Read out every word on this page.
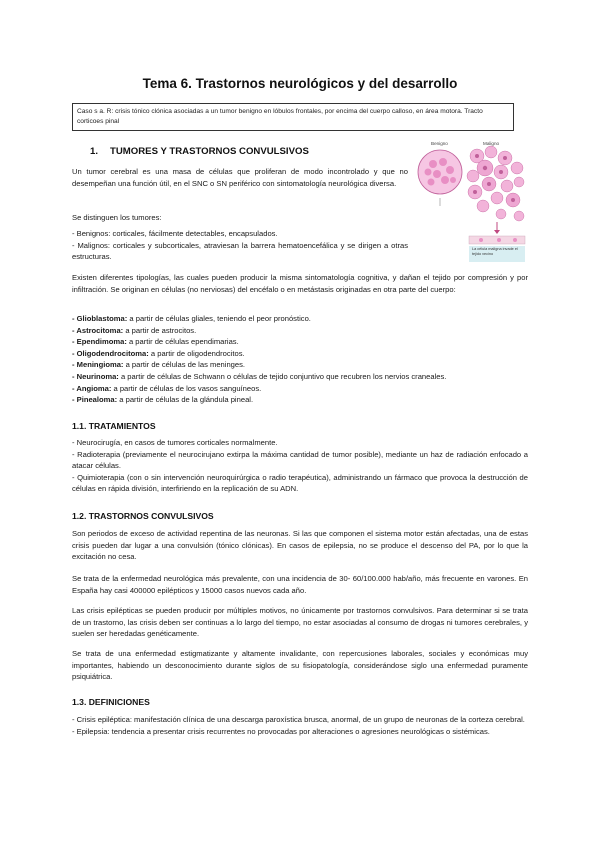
Tema 6. Trastornos neurológicos y del desarrollo
Caso s a. R: crisis tónico clónica asociadas a un tumor benigno en lóbulos frontales, por encima del cuerpo calloso, en área motora. Tracto corticoes pinal
1. TUMORES Y TRASTORNOS CONVULSIVOS
Benigno	Maligno
La célula maligna invade el tejido vecino
Un tumor cerebral es una masa de células que proliferan de modo incontrolado y que no desempeñan una función útil, en el SNC o SN periférico con sintomatología neurológica diversa.
Se distinguen los tumores:
- Benignos: corticales, fácilmente detectables, encapsulados.
- Malignos: corticales y subcorticales, atraviesan la barrera hematoencefálica y se dirigen a otras estructuras.
Existen diferentes tipologías, las cuales pueden producir la misma sintomatología cognitiva, y dañan el tejido por compresión y por infiltración. Se originan en células (no nerviosas) del encéfalo o en metástasis originadas en otra parte del cuerpo:
- Glioblastoma: a partir de células gliales, teniendo el peor pronóstico.
- Astrocitoma: a partir de astrocitos.
- Ependimoma: a partir de células ependimarias.
- Oligodendrocitoma: a partir de oligodendrocitos.
- Meningioma: a partir de células de las meninges.
- Neurinoma: a partir de células de Schwann o células de tejido conjuntivo que recubren los nervios craneales.
- Angioma: a partir de células de los vasos sanguíneos.
- Pinealoma: a partir de células de la glándula pineal.
1.1. TRATAMIENTOS
- Neurocirugía, en casos de tumores corticales normalmente.
- Radioterapia (previamente el neurocirujano extirpa la máxima cantidad de tumor posible), mediante un haz de radiación enfocado a atacar células.
- Quimioterapia (con o sin intervención neuroquirúrgica o radio terapéutica), administrando un fármaco que provoca la destrucción de células en rápida división, interfiriendo en la replicación de su ADN.
1.2. TRASTORNOS CONVULSIVOS
Son periodos de exceso de actividad repentina de las neuronas. Si las que componen el sistema motor están afectadas, una de estas crisis pueden dar lugar a una convulsión (tónico clónicas). En casos de epilepsia, no se produce el descenso del PA, por lo que la excitación no cesa.
Se trata de la enfermedad neurológica más prevalente, con una incidencia de 30- 60/100.000 hab/año, más frecuente en varones. En España hay casi 400000 epilépticos y 15000 casos nuevos cada año.
Las crisis epilépticas se pueden producir por múltiples motivos, no únicamente por trastornos convulsivos. Para determinar si se trata de un trastorno, las crisis deben ser continuas a lo largo del tiempo, no estar asociadas al consumo de drogas ni tumores cerebrales, y suelen ser heredadas genéticamente.
Se trata de una enfermedad estigmatizante y altamente invalidante, con repercusiones laborales, sociales y económicas muy importantes, habiendo un desconocimiento durante siglos de su fisiopatología, considerándose siglo una enfermedad puramente psiquiátrica.
1.3. DEFINICIONES
- Crisis epiléptica: manifestación clínica de una descarga paroxística brusca, anormal, de un grupo de neuronas de la corteza cerebral.
- Epilepsia: tendencia a presentar crisis recurrentes no provocadas por alteraciones o agresiones neurológicas o sistémicas.
